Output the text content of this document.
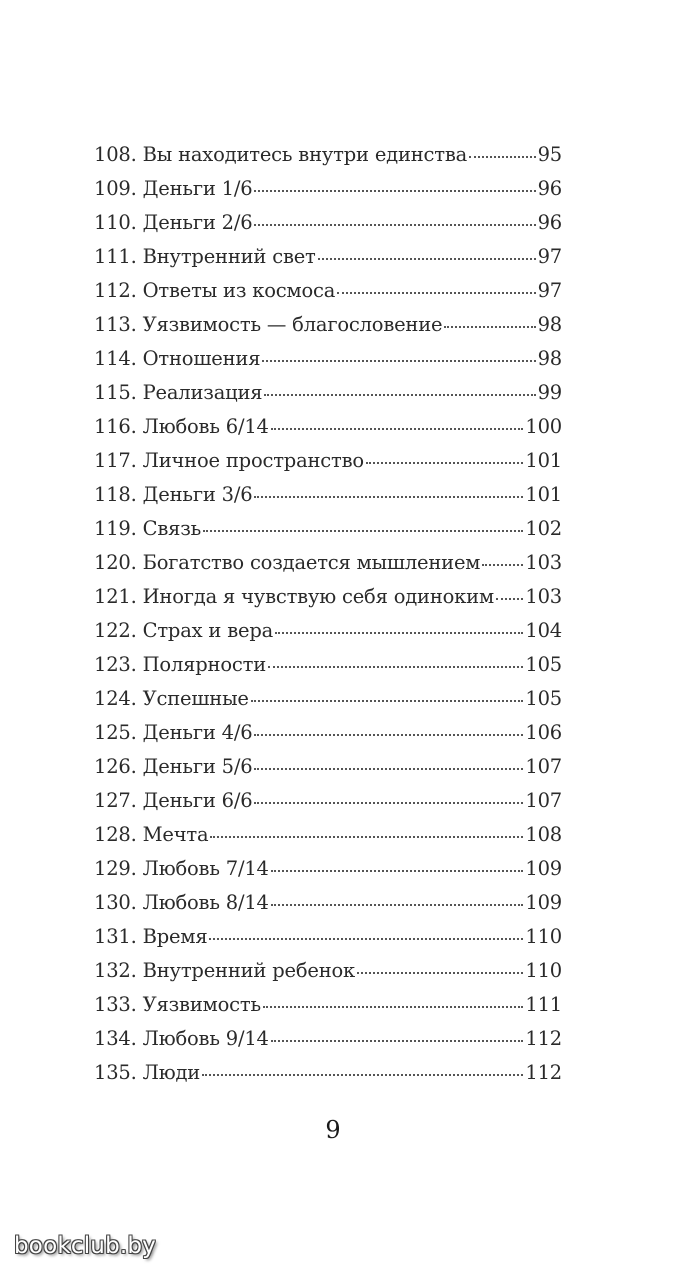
108. Вы находитесь внутри единства	95
109. Деньги 1/6	96
110. Деньги 2/6	96
111. Внутренний свет	97
112. Ответы из космоса	97
113. Уязвимость — благословение	98
114. Отношения	98
115. Реализация	99
116. Любовь 6/14	100
117. Личное пространство	101
118. Деньги 3/6	101
119. Связь	102
120. Богатство создается мышлением 103
121. Иногда я чувствую себя одиноким 103
122. Страх и вера	104
123. Полярности	105
124. Успешные	105
125. Деньги 4/6	106
126. Деньги 5/6	107
127. Деньги 6/6	107
128. Мечта	108
129. Любовь 7/14	109
130. Любовь 8/14	109
131. Время	110
132. Внутренний ребенок	110
133. Уязвимость	111
134. Любовь 9/14	112
135. Люди	112
9
bookclub.by
